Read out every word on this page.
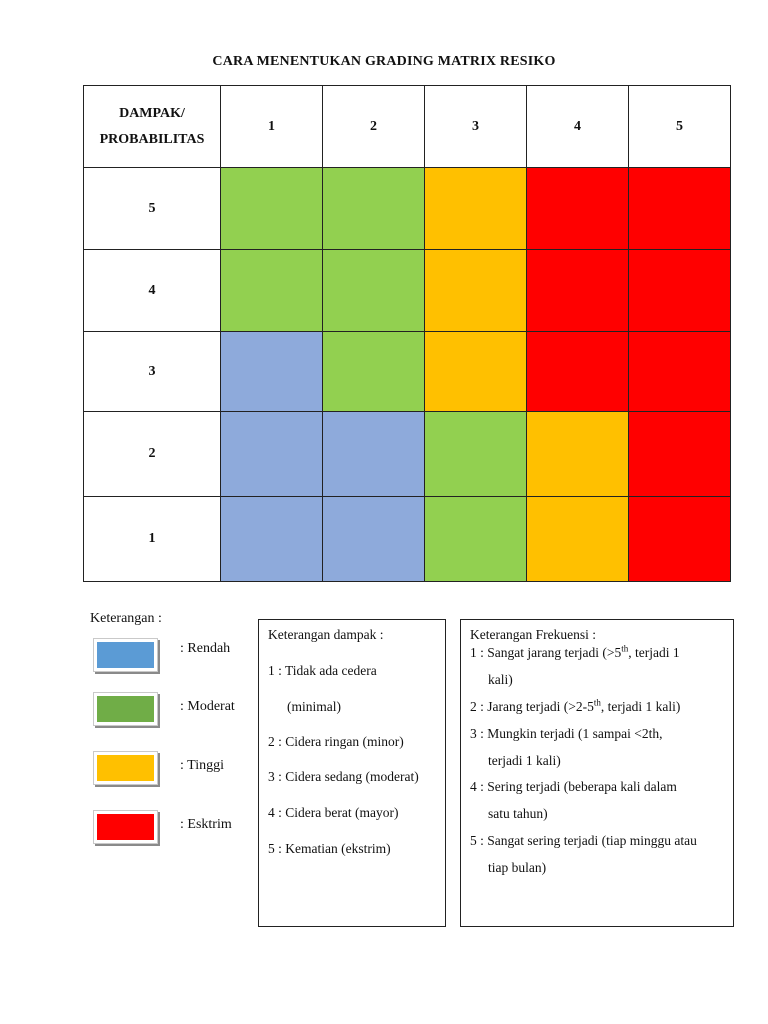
CARA MENENTUKAN GRADING MATRIX RESIKO
DAMPAK/
PROBABILITAS	1	2	3	4	5
5					
4					
3					
2					
1					
Keterangan :
: Rendah
: Moderat
: Tinggi
: Esktrim
Keterangan dampak :
1 : Tidak ada cedera
(minimal)
2 : Cidera ringan (minor)
3 : Cidera sedang (moderat)
4 : Cidera berat (mayor)
5 : Kematian (ekstrim)
Keterangan Frekuensi :
1 : Sangat jarang terjadi (>5th, terjadi 1
kali)
2 : Jarang terjadi (>2-5th, terjadi 1 kali)
3 : Mungkin terjadi (1 sampai <2th,
terjadi 1 kali)
4 : Sering terjadi (beberapa kali dalam
satu tahun)
5 : Sangat sering terjadi (tiap minggu atau
tiap bulan)
